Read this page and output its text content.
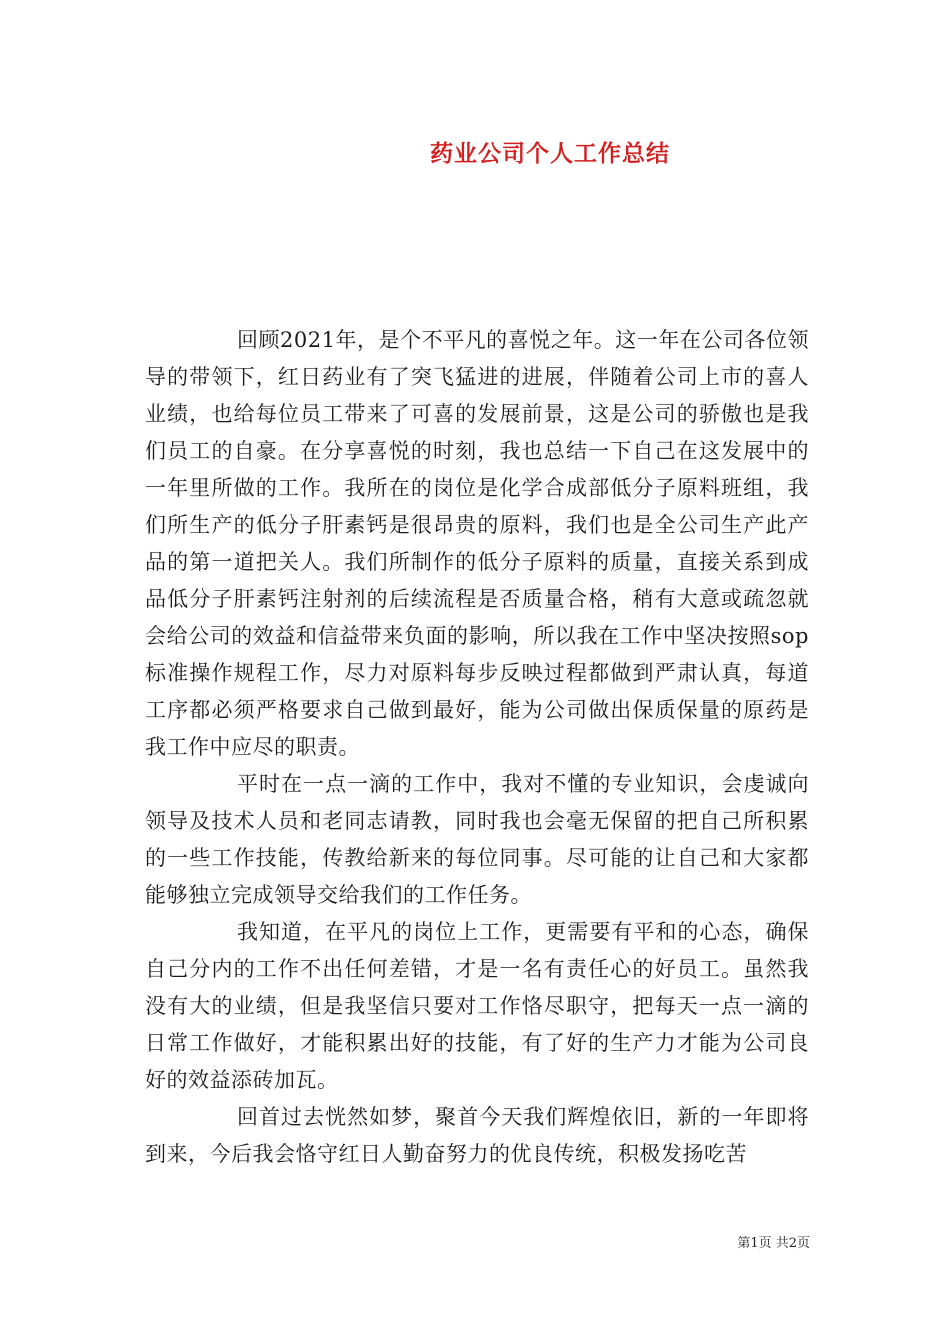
药业公司个人工作总结

回顾2021年，是个不平凡的喜悦之年。这一年在公司各位领导的带领下，红日药业有了突飞猛进的进展，伴随着公司上市的喜人业绩，也给每位员工带来了可喜的发展前景，这是公司的骄傲也是我们员工的自豪。在分享喜悦的时刻，我也总结一下自己在这发展中的一年里所做的工作。我所在的岗位是化学合成部低分子原料班组，我们所生产的低分子肝素钙是很昂贵的原料，我们也是全公司生产此产品的第一道把关人。我们所制作的低分子原料的质量，直接关系到成品低分子肝素钙注射剂的后续流程是否质量合格，稍有大意或疏忽就会给公司的效益和信益带来负面的影响，所以我在工作中坚决按照sop标准操作规程工作，尽力对原料每步反映过程都做到严肃认真，每道工序都必须严格要求自己做到最好，能为公司做出保质保量的原药是我工作中应尽的职责。

平时在一点一滴的工作中，我对不懂的专业知识，会虔诚向领导及技术人员和老同志请教，同时我也会毫无保留的把自己所积累的一些工作技能，传教给新来的每位同事。尽可能的让自己和大家都能够独立完成领导交给我们的工作任务。

我知道，在平凡的岗位上工作，更需要有平和的心态，确保自己分内的工作不出任何差错，才是一名有责任心的好员工。虽然我没有大的业绩，但是我坚信只要对工作恪尽职守，把每天一点一滴的日常工作做好，才能积累出好的技能，有了好的生产力才能为公司良好的效益添砖加瓦。

回首过去恍然如梦，聚首今天我们辉煌依旧，新的一年即将到来，今后我会恪守红日人勤奋努力的优良传统，积极发扬吃苦

第1页 共2页
